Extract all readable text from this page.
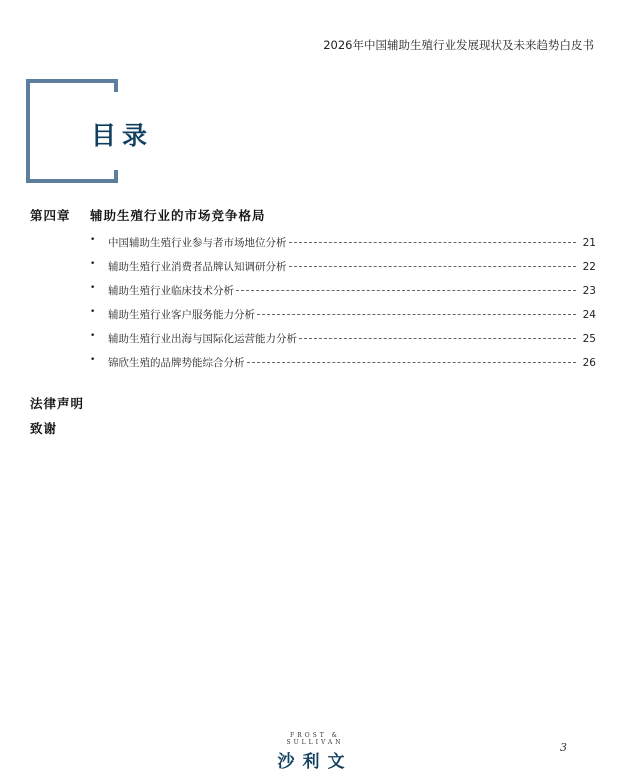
2026年中国辅助生殖行业发展现状及未来趋势白皮书
目录
第四章 辅助生殖行业的市场竞争格局
• 中国辅助生殖行业参与者市场地位分析	21
• 辅助生殖行业消费者品牌认知调研分析	22
• 辅助生殖行业临床技术分析	23
• 辅助生殖行业客户服务能力分析	24
• 辅助生殖行业出海与国际化运营能力分析	25
• 锦欣生殖的品牌势能综合分析	26
法律声明
致谢
FROST & SULLIVAN
沙利文
3
